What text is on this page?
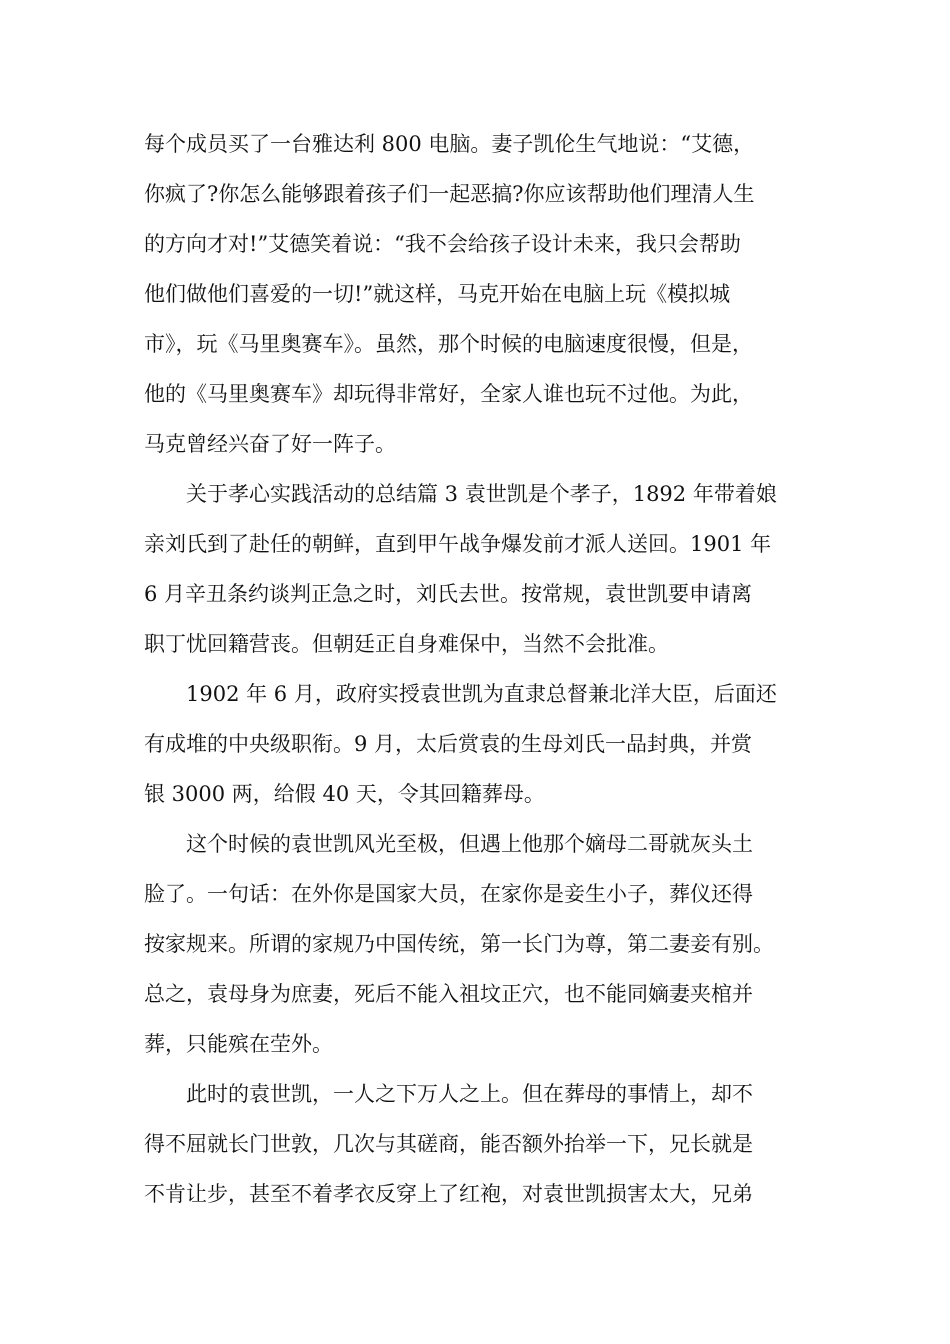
每个成员买了一台雅达利 800 电脑。妻子凯伦生气地说：“艾德，
你疯了?你怎么能够跟着孩子们一起恶搞?你应该帮助他们理清人生
的方向才对!”艾德笑着说：“我不会给孩子设计未来，我只会帮助
他们做他们喜爱的一切!”就这样，马克开始在电脑上玩《模拟城
市》，玩《马里奥赛车》。虽然，那个时候的电脑速度很慢，但是，
他的《马里奥赛车》却玩得非常好，全家人谁也玩不过他。为此，
马克曾经兴奋了好一阵子。

关于孝心实践活动的总结篇 3 袁世凯是个孝子，1892 年带着娘

亲刘氏到了赴任的朝鲜，直到甲午战争爆发前才派人送回。1901 年
6 月辛丑条约谈判正急之时，刘氏去世。按常规，袁世凯要申请离
职丁忧回籍营丧。但朝廷正自身难保中，当然不会批准。

1902 年 6 月，政府实授袁世凯为直隶总督兼北洋大臣，后面还

有成堆的中央级职衔。9 月，太后赏袁的生母刘氏一品封典，并赏
银 3000 两，给假 40 天，令其回籍葬母。

这个时候的袁世凯风光至极，但遇上他那个嫡母二哥就灰头土

脸了。一句话：在外你是国家大员，在家你是妾生小子，葬仪还得
按家规来。所谓的家规乃中国传统，第一长门为尊，第二妻妾有别。
总之，袁母身为庶妻，死后不能入祖坟正穴，也不能同嫡妻夹棺并
葬，只能殡在茔外。

此时的袁世凯，一人之下万人之上。但在葬母的事情上，却不

得不屈就长门世敦，几次与其磋商，能否额外抬举一下，兄长就是
不肯让步，甚至不着孝衣反穿上了红袍，对袁世凯损害太大，兄弟
